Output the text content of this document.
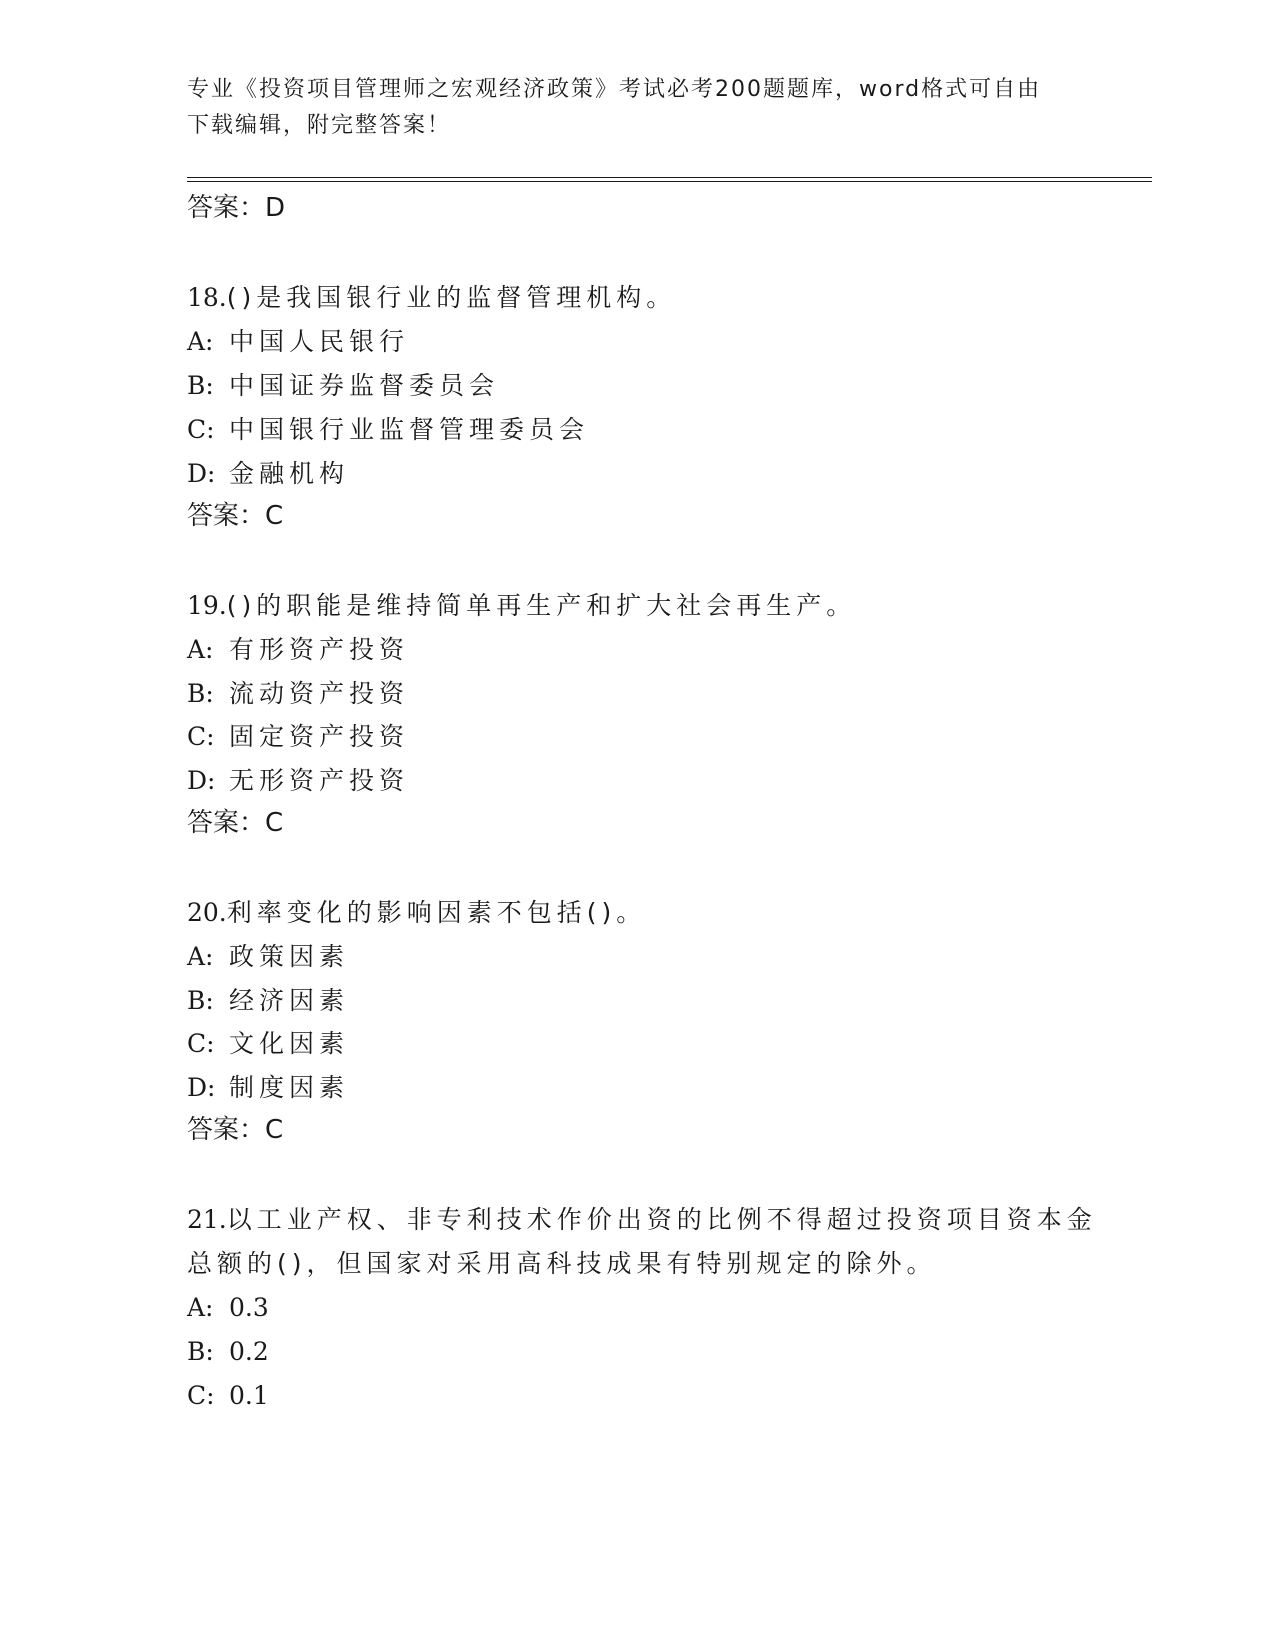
专业《投资项目管理师之宏观经济政策》考试必考200题题库，word格式可自由
下载编辑，附完整答案！
答案：D
18.()是我国银行业的监督管理机构。
A: 中国人民银行
B: 中国证券监督委员会
C: 中国银行业监督管理委员会
D: 金融机构
答案：C
19.()的职能是维持简单再生产和扩大社会再生产。
A: 有形资产投资
B: 流动资产投资
C: 固定资产投资
D: 无形资产投资
答案：C
20.利率变化的影响因素不包括()。
A: 政策因素
B: 经济因素
C: 文化因素
D: 制度因素
答案：C
21.以工业产权、非专利技术作价出资的比例不得超过投资项目资本金
总额的()，但国家对采用高科技成果有特别规定的除外。
A: 0.3
B: 0.2
C: 0.1
